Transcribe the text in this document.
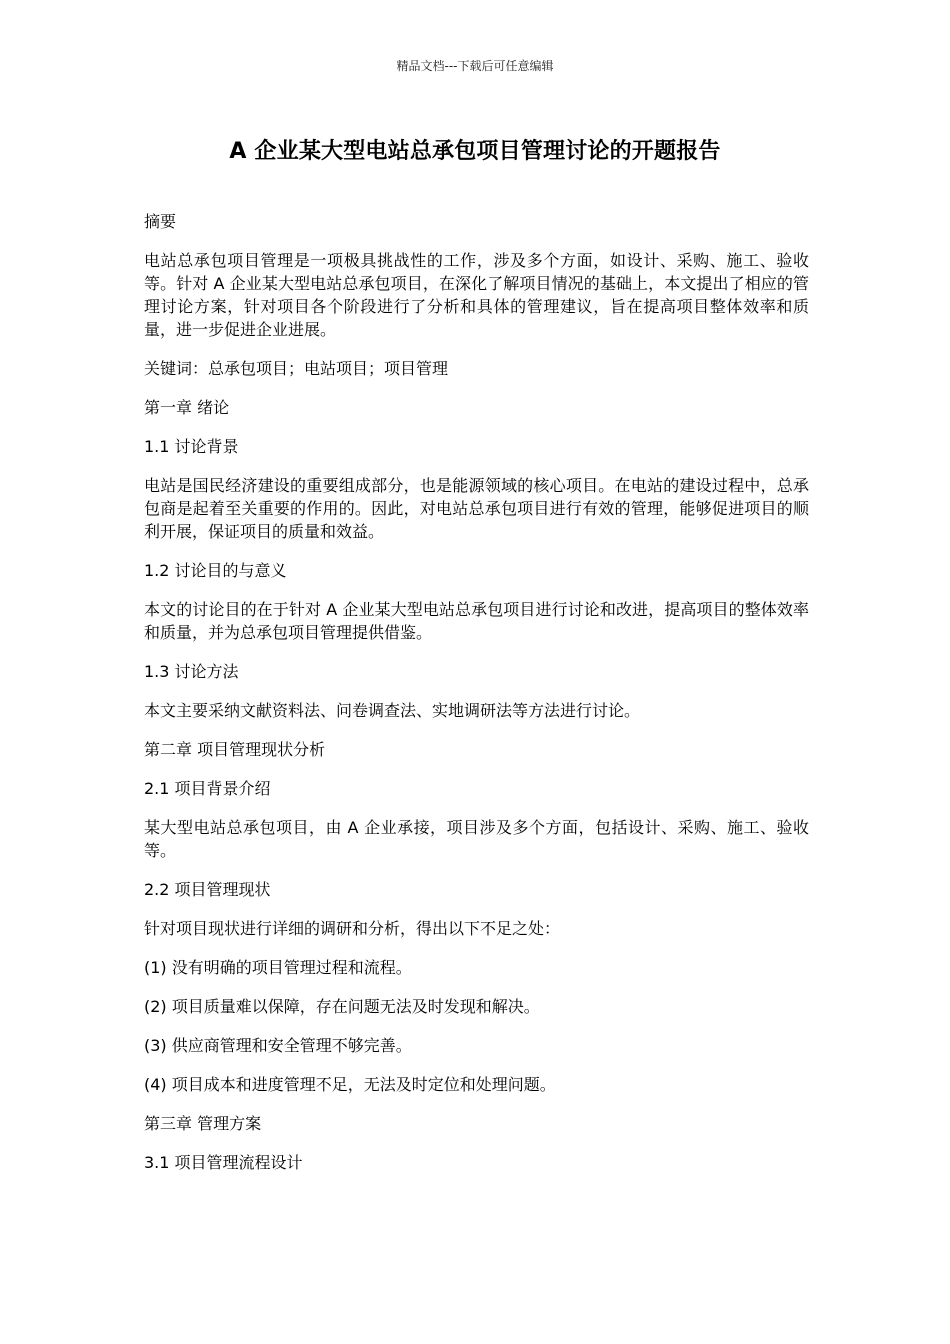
精品文档---下载后可任意编辑
A 企业某大型电站总承包项目管理讨论的开题报告

摘要

电站总承包项目管理是一项极具挑战性的工作，涉及多个方面，如设计、采购、施工、验收等。针对 A 企业某大型电站总承包项目，在深化了解项目情况的基础上，本文提出了相应的管理讨论方案，针对项目各个阶段进行了分析和具体的管理建议，旨在提高项目整体效率和质量，进一步促进企业进展。

关键词：总承包项目；电站项目；项目管理

第一章 绪论

1.1 讨论背景

电站是国民经济建设的重要组成部分，也是能源领域的核心项目。在电站的建设过程中，总承包商是起着至关重要的作用的。因此，对电站总承包项目进行有效的管理，能够促进项目的顺利开展，保证项目的质量和效益。

1.2 讨论目的与意义

本文的讨论目的在于针对 A 企业某大型电站总承包项目进行讨论和改进，提高项目的整体效率和质量，并为总承包项目管理提供借鉴。

1.3 讨论方法

本文主要采纳文献资料法、问卷调查法、实地调研法等方法进行讨论。

第二章 项目管理现状分析

2.1 项目背景介绍

某大型电站总承包项目，由 A 企业承接，项目涉及多个方面，包括设计、采购、施工、验收等。

2.2 项目管理现状

针对项目现状进行详细的调研和分析，得出以下不足之处：

(1) 没有明确的项目管理过程和流程。

(2) 项目质量难以保障，存在问题无法及时发现和解决。

(3) 供应商管理和安全管理不够完善。

(4) 项目成本和进度管理不足，无法及时定位和处理问题。

第三章 管理方案

3.1 项目管理流程设计
